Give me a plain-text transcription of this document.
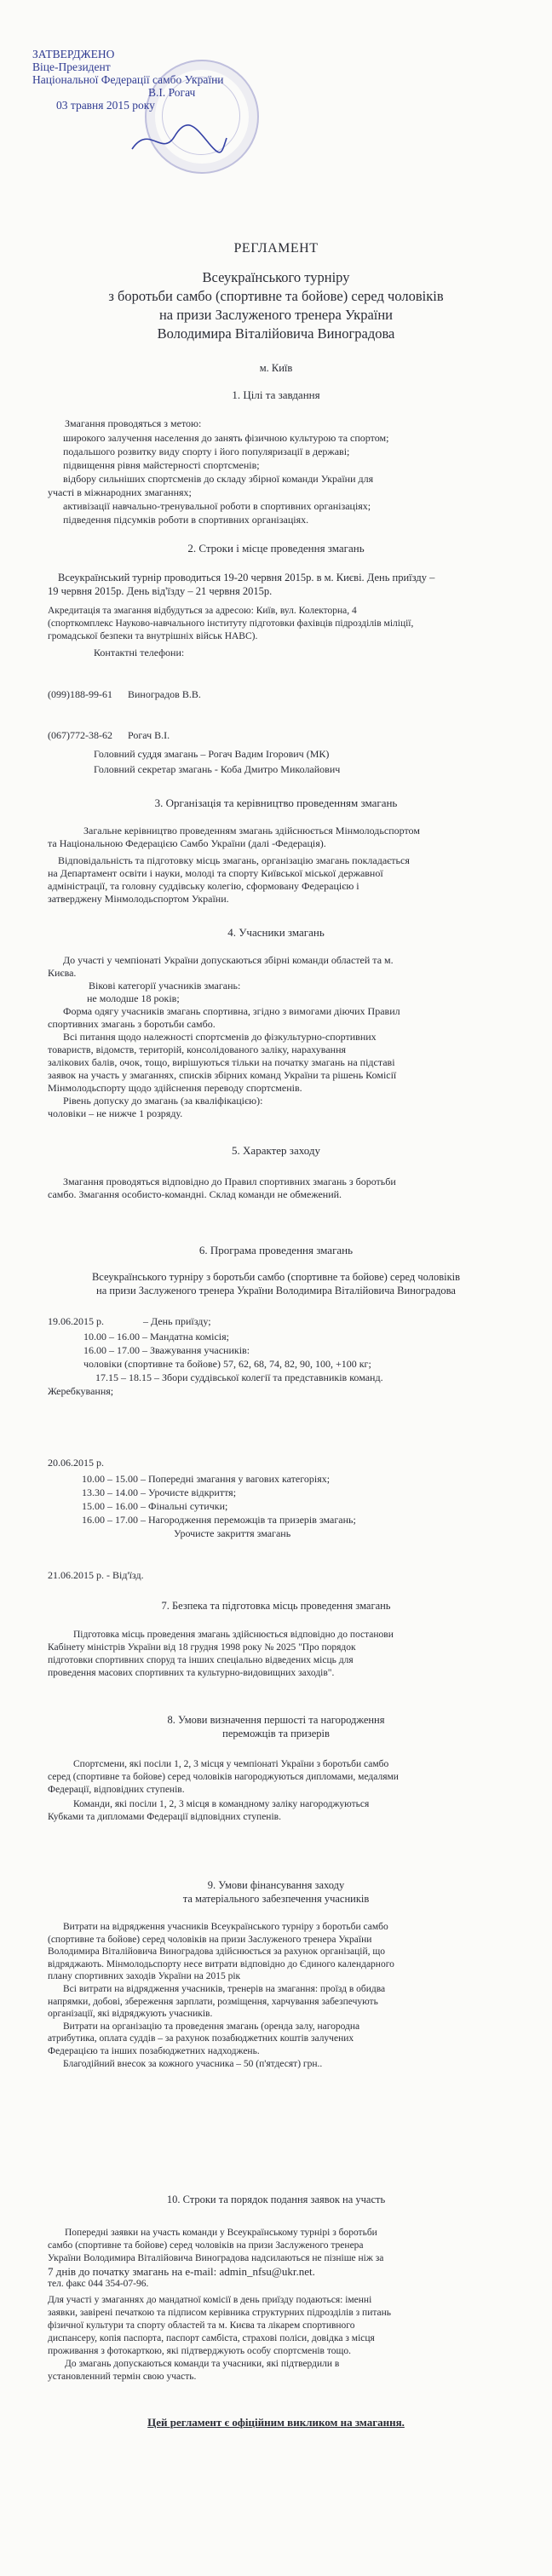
ЗАТВЕРДЖЕНО
Віце-Президент
Національної Федерації самбо України
В.І. Рогач
03 травня 2015 року
РЕГЛАМЕНТ
Всеукраїнського турніру
з боротьби самбо (спортивне та бойове) серед чоловіків
на призи Заслуженого тренера України
Володимира Віталійовича Виноградова
м. Київ
1. Цілі та завдання
Змагання проводяться з метою:
широкого залучення населення до занять фізичною культурою та спортом;
подальшого розвитку виду спорту і його популяризації в державі;
підвищення рівня майстерності спортсменів;
відбору сильніших спортсменів до складу збірної команди України для
участі в міжнародних змаганнях;
активізації навчально-тренувальної роботи в спортивних організаціях;
підведення підсумків роботи в спортивних організаціях.
2. Строки і місце проведення змагань
Всеукраїнський турнір проводиться 19-20 червня 2015р. в м. Києві. День приїзду –
19 червня 2015р. День від'їзду – 21 червня 2015р.
Акредитація та змагання відбудуться за адресою: Київ, вул. Колекторна, 4
(спорткомплекс Науково-навчального інституту підготовки фахівців підрозділів міліції,
громадської безпеки та внутрішніх військ НАВС).
Контактні телефони:

(099)188-99-61      Виноградов В.В.

(067)772-38-62      Рогач В.І.

Головний суддя змагань – Рогач Вадим Ігорович (МК)
Головний секретар змагань - Коба Дмитро Миколайович
3. Організація та керівництво проведенням змагань
Загальне керівництво проведенням змагань здійснюється Мінмолодьспортом
та Національною Федерацією Самбо України (далі -Федерація).
Відповідальність та підготовку місць змагань, організацію змагань покладається
на Департамент освіти і науки, молоді та спорту Київської міської державної
адміністрації, та головну суддівську колегію, сформовану Федерацією і
затверджену Мінмолодьспортом України.
4. Учасники змагань
До участі у чемпіонаті України допускаються збірні команди областей та м.
Києва.
Вікові категорії учасників змагань:
не молодше 18 років;
Форма одягу учасників змагань спортивна, згідно з вимогами діючих Правил
спортивних змагань з боротьби самбо.
Всі питання щодо належності спортсменів до фізкультурно-спортивних
товариств, відомств, територій, консолідованого заліку, нарахування
залікових балів, очок, тощо, вирішуються тільки на початку змагань на підставі
заявок на участь у змаганнях, списків збірних команд України та рішень Комісії
Мінмолодьспорту щодо здійснення переводу спортсменів.
Рівень допуску до змагань (за кваліфікацією):
чоловіки – не нижче 1 розряду.
5. Характер заходу
Змагання проводяться відповідно до Правил спортивних змагань з боротьби
самбо. Змагання особисто-командні. Склад команди не обмежений.
6. Програма проведення змагань
Всеукраїнського турніру з боротьби самбо (спортивне та бойове) серед чоловіків
на призи Заслуженого тренера України Володимира Віталійовича Виноградова
19.06.2015 р.	– День приїзду;
10.00 – 16.00 – Мандатна комісія;
16.00 – 17.00 – Зважування учасників:
чоловіки (спортивне та бойове) 57, 62, 68, 74, 82, 90, 100, +100 кг;
17.15 – 18.15 – Збори суддівської колегії та представників команд.
Жеребкування;
20.06.2015 р.
10.00 – 15.00 – Попередні змагання у вагових категоріях;
13.30 – 14.00 – Урочисте відкриття;
15.00 – 16.00 – Фінальні сутички;
16.00 – 17.00 – Нагородження переможців та призерів змагань;
Урочисте закриття змагань
21.06.2015 р. - Від'їзд.
7. Безпека та підготовка місць проведення змагань
Підготовка місць проведення змагань здійснюється відповідно до постанови
Кабінету міністрів України від 18 грудня 1998 року № 2025 "Про порядок
підготовки спортивних споруд та інших спеціально відведених місць для
проведення масових спортивних та культурно-видовищних заходів".
8. Умови визначення першості та нагородження
переможців та призерів
Спортсмени, які посіли 1, 2, 3 місця у чемпіонаті України з боротьби самбо
серед (спортивне та бойове) серед чоловіків нагороджуються дипломами, медалями
Федерації, відповідних ступенів.
Команди, які посіли 1, 2, 3 місця в командному заліку нагороджуються
Кубками та дипломами Федерації відповідних ступенів.
9. Умови фінансування заходу
та матеріального забезпечення учасників
Витрати на відрядження учасників Всеукраїнського турніру з боротьби самбо
(спортивне та бойове) серед чоловіків на призи Заслуженого тренера України
Володимира Віталійовича Виноградова здійснюється за рахунок організацій, що
відряджають. Мінмолодьспорту несе витрати відповідно до Єдиного календарного
плану спортивних заходів України на 2015 рік
Всі витрати на відрядження учасників, тренерів на змагання: проїзд в обидва
напрямки, добові, збереження зарплати, розміщення, харчування забезпечують
організації, які відряджують учасників.
Витрати на організацію та проведення змагань (оренда залу, нагородна
атрибутика, оплата суддів – за рахунок позабюджетних коштів залучених
Федерацією та інших позабюджетних надходжень.
Благодійний внесок за кожного учасника – 50 (п'ятдесят) грн..
10. Строки та порядок подання заявок на участь
Попередні заявки на участь команди у Всеукраїнському турнірі з боротьби
самбо (спортивне та бойове) серед чоловіків на призи Заслуженого тренера
України Володимира Віталійовича Виноградова надсилаються не пізніше ніж за
7 днів до початку змагань на e-mail: admin_nfsu@ukr.net.
тел. факс 044 354-07-96.
Для участі у змаганнях до мандатної комісії в день приїзду подаються: іменні
заявки, завірені печаткою та підписом керівника структурних підрозділів з питань
фізичної культури та спорту областей та м. Києва та лікарем спортивного
диспансеру, копія паспорта, паспорт самбіста, страхові поліси, довідка з місця
проживання з фотокарткою, які підтверджують особу спортсменів тощо.
До змагань допускаються команди та учасники, які підтвердили в
установленний термін свою участь.
Цей регламент є офіційним викликом на змагання.
